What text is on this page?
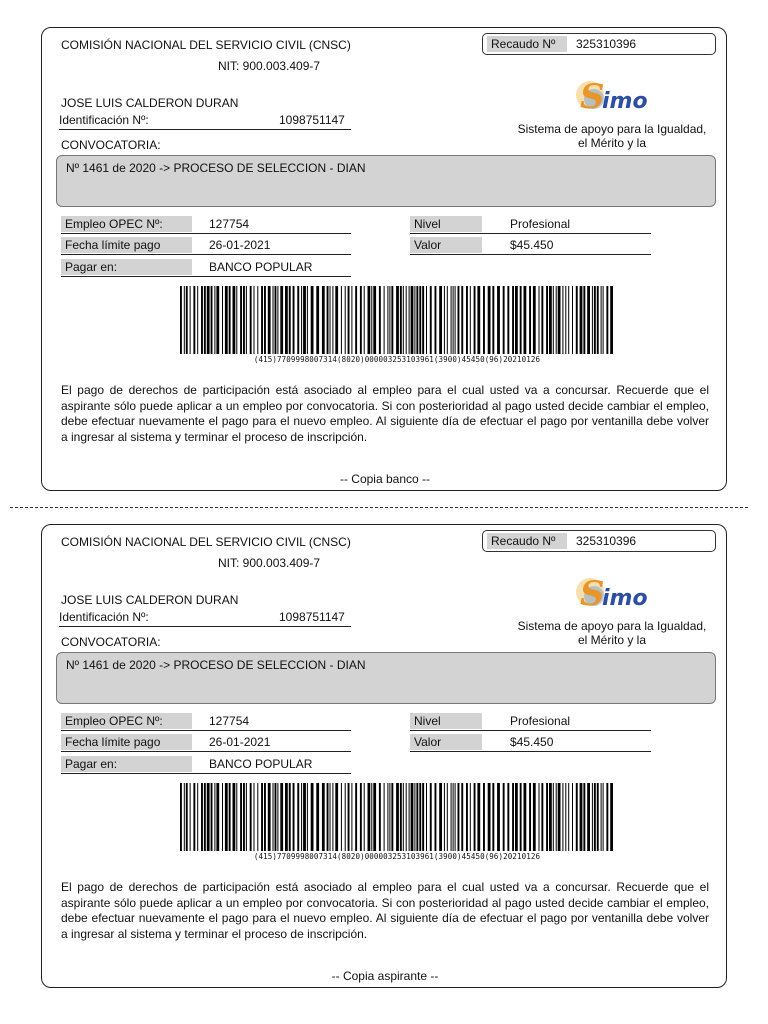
COMISIÓN NACIONAL DEL SERVICIO CIVIL (CNSC)
NIT: 900.003.409-7
Recaudo Nº	325310396
S
imo
Sistema de apoyo para la Igualdad,
el Mérito y la
JOSE LUIS CALDERON DURAN
Identificación Nº:	1098751147
CONVOCATORIA:
Nº 1461 de 2020 -> PROCESO DE SELECCION - DIAN
Empleo OPEC Nº:	127754
Fecha límite pago	26-01-2021
Pagar en:	BANCO POPULAR
Nivel	Profesional
Valor	$45.450
(415)7709998007314(8020)000003253103961(3900)45450(96)20210126
El pago de derechos de participación está asociado al empleo para el cual usted va a concursar. Recuerde que el aspirante sólo puede aplicar a un empleo por convocatoria. Si con posterioridad al pago usted decide cambiar el empleo, debe efectuar nuevamente el pago para el nuevo empleo. Al siguiente día de efectuar el pago por ventanilla debe volver a ingresar al sistema y terminar el proceso de inscripción.
-- Copia banco --
COMISIÓN NACIONAL DEL SERVICIO CIVIL (CNSC)
NIT: 900.003.409-7
Recaudo Nº	325310396
S
imo
Sistema de apoyo para la Igualdad,
el Mérito y la
JOSE LUIS CALDERON DURAN
Identificación Nº:	1098751147
CONVOCATORIA:
Nº 1461 de 2020 -> PROCESO DE SELECCION - DIAN
Empleo OPEC Nº:	127754
Fecha límite pago	26-01-2021
Pagar en:	BANCO POPULAR
Nivel	Profesional
Valor	$45.450
(415)7709998007314(8020)000003253103961(3900)45450(96)20210126
El pago de derechos de participación está asociado al empleo para el cual usted va a concursar. Recuerde que el aspirante sólo puede aplicar a un empleo por convocatoria. Si con posterioridad al pago usted decide cambiar el empleo, debe efectuar nuevamente el pago para el nuevo empleo. Al siguiente día de efectuar el pago por ventanilla debe volver a ingresar al sistema y terminar el proceso de inscripción.
-- Copia aspirante --
